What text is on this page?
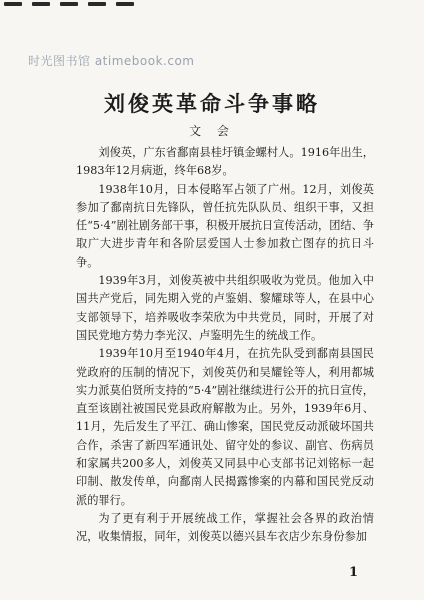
时光图书馆 atimebook.com
刘俊英革命斗争事略
文 会

刘俊英，广东省鄱南县桂圩镇金螺村人。1916年出生，1983年12月病逝，终年68岁。

1938年10月，日本侵略军占领了广州。12月，刘俊英参加了鄱南抗日先锋队，曾任抗先队队员、组织干事，又担任“5·4”剧社剧务部干事，积极开展抗日宣传活动，团结、争取广大进步青年和各阶层爱国人士参加救亡图存的抗日斗争。

1939年3月，刘俊英被中共组织吸收为党员。他加入中国共产党后，同先期入党的卢鉴娟、黎耀球等人，在县中心支部领导下，培养吸收李荣欣为中共党员，同时，开展了对国民党地方势力李光汉、卢鉴明先生的统战工作。

1939年10月至1940年4月，在抗先队受到鄱南县国民党政府的压制的情况下，刘俊英仍和吴耀铨等人，利用都城实力派莫伯贤所支持的“5·4”剧社继续进行公开的抗日宣传，直至该剧社被国民党县政府解散为止。另外，1939年6月、11月，先后发生了平江、确山惨案，国民党反动派破坏国共合作，杀害了新四军通讯处、留守处的参议、副官、伤病员和家属共200多人，刘俊英又同县中心支部书记刘铭标一起印制、散发传单，向鄱南人民揭露惨案的内幕和国民党反动派的罪行。

为了更有利于开展统战工作，掌握社会各界的政治情况，收集情报，同年，刘俊英以德兴县车衣店少东身份参加

1
